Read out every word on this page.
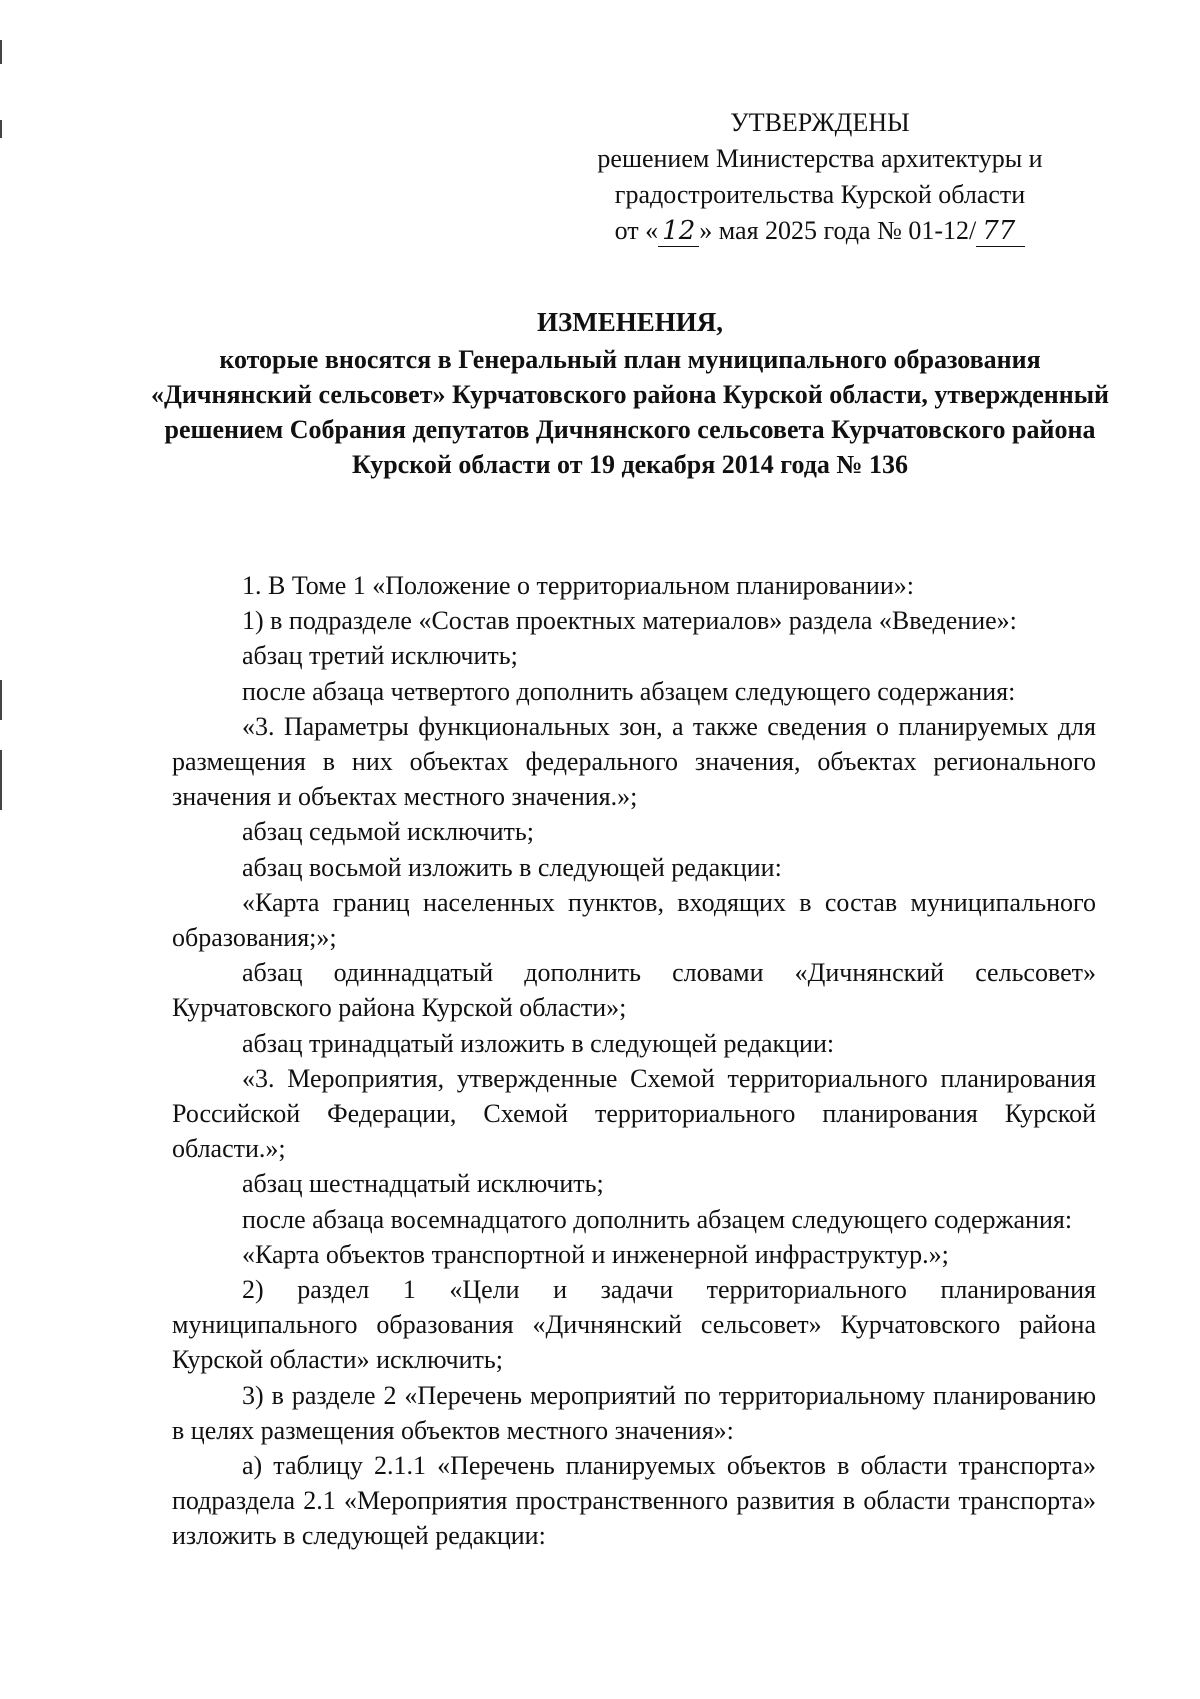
УТВЕРЖДЕНЫ
решением Министерства архитектуры и
градостроительства Курской области
от « 12 » мая 2025 года № 01-12/ 77
ИЗМЕНЕНИЯ,
которые вносятся в Генеральный план муниципального образования «Дичнянский сельсовет» Курчатовского района Курской области, утвержденный решением Собрания депутатов Дичнянского сельсовета Курчатовского района Курской области от 19 декабря 2014 года № 136

1. В Томе 1 «Положение о территориальном планировании»:

1) в подразделе «Состав проектных материалов» раздела «Введение»:

абзац третий исключить;

после абзаца четвертого дополнить абзацем следующего содержания:

«3. Параметры функциональных зон, а также сведения о планируемых для размещения в них объектах федерального значения, объектах регионального значения и объектах местного значения.»;

абзац седьмой исключить;

абзац восьмой изложить в следующей редакции:

«Карта границ населенных пунктов, входящих в состав муниципального образования;»;

абзац одиннадцатый дополнить словами «Дичнянский сельсовет» Курчатовского района Курской области»;

абзац тринадцатый изложить в следующей редакции:

«3. Мероприятия, утвержденные Схемой территориального планирования Российской Федерации, Схемой территориального планирования Курской области.»;

абзац шестнадцатый исключить;

после абзаца восемнадцатого дополнить абзацем следующего содержания:

«Карта объектов транспортной и инженерной инфраструктур.»;

2) раздел 1 «Цели и задачи территориального планирования муниципального образования «Дичнянский сельсовет» Курчатовского района Курской области» исключить;

3) в разделе 2 «Перечень мероприятий по территориальному планированию в целях размещения объектов местного значения»:

а) таблицу 2.1.1 «Перечень планируемых объектов в области транспорта» подраздела 2.1 «Мероприятия пространственного развития в области транспорта» изложить в следующей редакции:
